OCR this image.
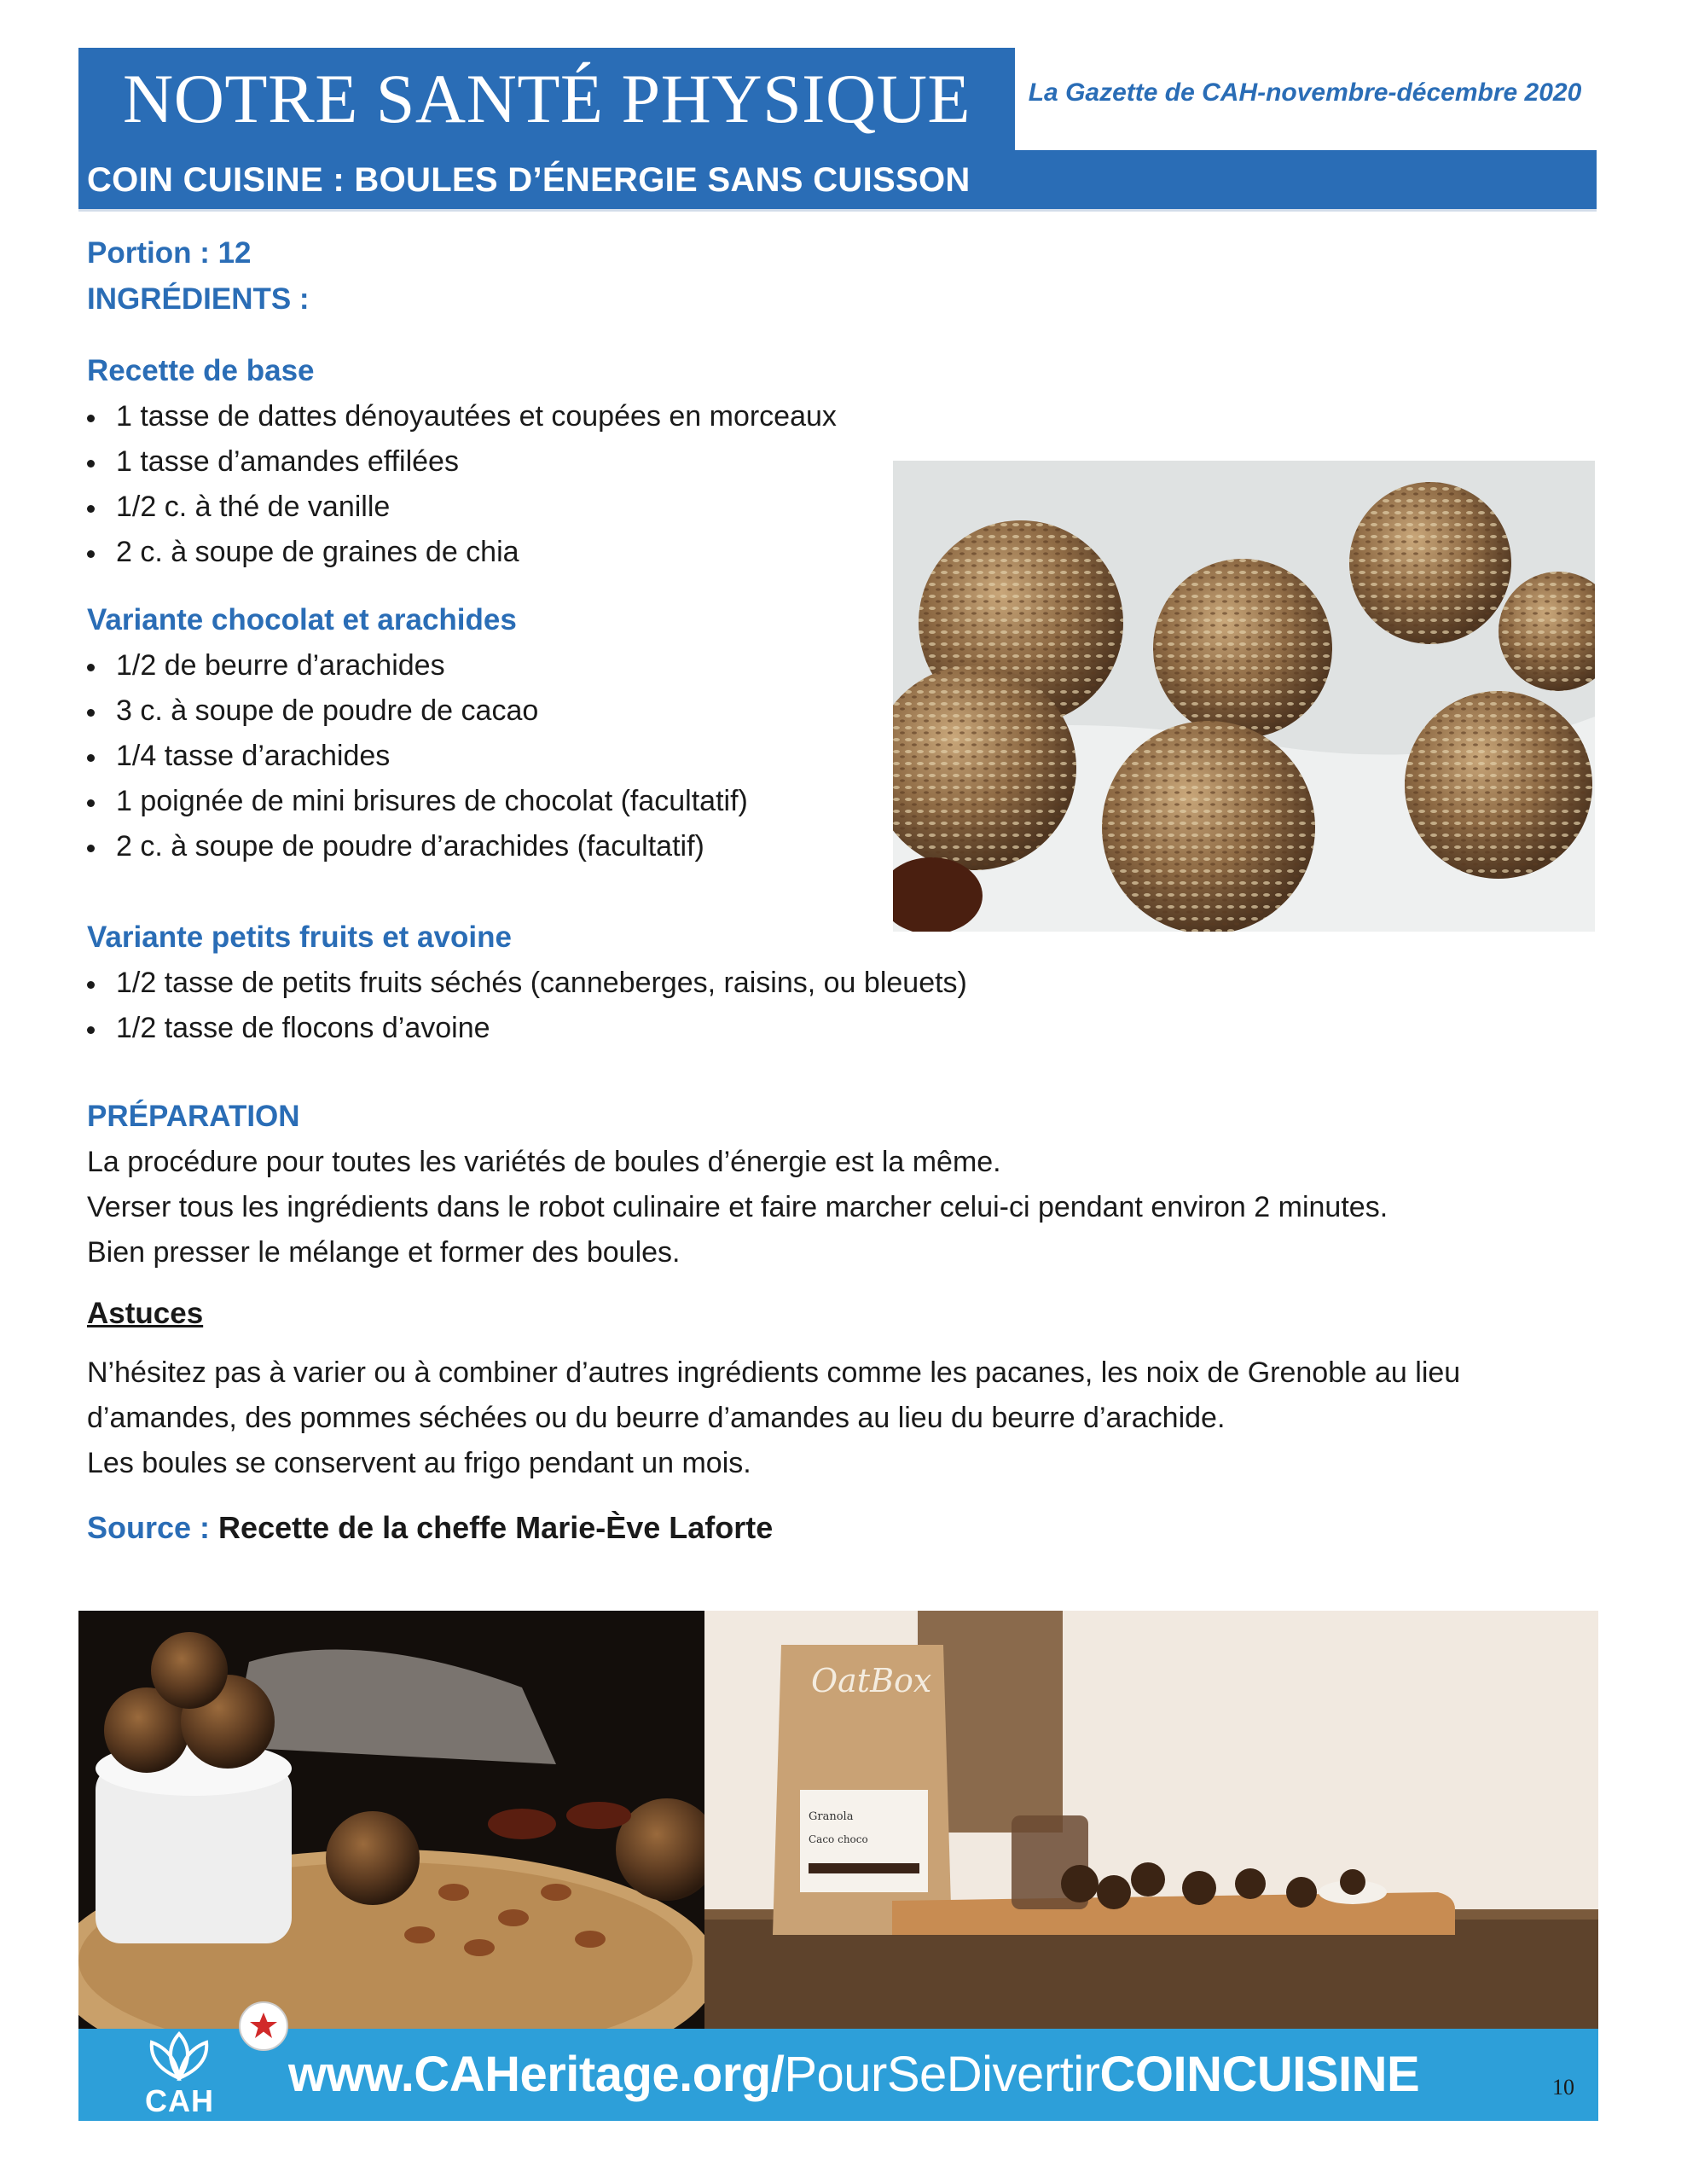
NOTRE SANTÉ PHYSIQUE	La Gazette de CAH-novembre-décembre 2020
COIN CUISINE : BOULES D’ÉNERGIE SANS CUISSON
Portion : 12
INGRÉDIENTS :
Recette de base
1 tasse de dattes dénoyautées et coupées en morceaux
1 tasse d’amandes effilées
1/2 c. à thé de vanille
2 c. à soupe de graines de chia
Variante chocolat et arachides
1/2 de beurre d’arachides
3 c. à soupe de poudre de cacao
1/4 tasse d’arachides
1 poignée de mini brisures de chocolat (facultatif)
2 c. à soupe de poudre d’arachides (facultatif)
Variante petits fruits et avoine
1/2 tasse de petits fruits séchés (canneberges, raisins, ou bleuets)
1/2 tasse de flocons d’avoine
PRÉPARATION
La procédure pour toutes les variétés de boules d’énergie est la même.
Verser tous les ingrédients dans le robot culinaire et faire marcher celui-ci pendant environ 2 minutes.
Bien presser le mélange et former des boules.
Astuces
N’hésitez pas à varier ou à combiner d’autres ingrédients comme les pacanes, les noix de Grenoble au lieu
d’amandes, des pommes séchées ou du beurre d’amandes au lieu du beurre d’arachide.
Les boules se conservent au frigo pendant un mois.
Source : Recette de la cheffe Marie-Ève Laforte
OatBox
Granola
Caco choco
CAH www.CAHeritage.org/PourSeDivertirCOINCUISINE	10
